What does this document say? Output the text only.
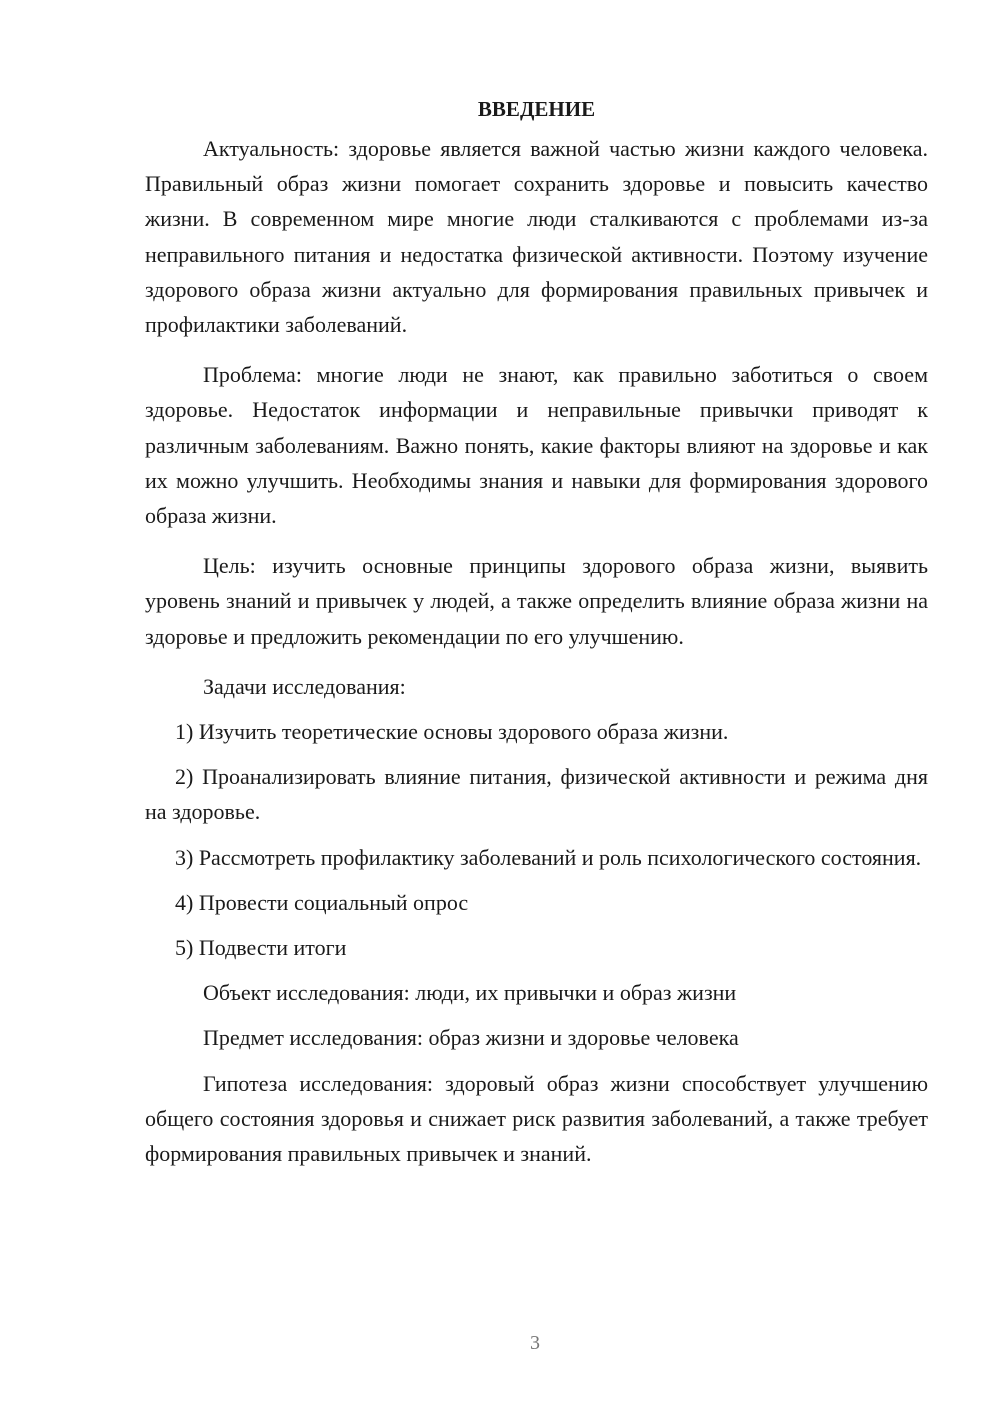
ВВЕДЕНИЕ

Актуальность: здоровье является важной частью жизни каждого человека. Правильный образ жизни помогает сохранить здоровье и повысить качество жизни. В современном мире многие люди сталкиваются с проблемами из-за неправильного питания и недостатка физической активности. Поэтому изучение здорового образа жизни актуально для формирования правильных привычек и профилактики заболеваний.

Проблема: многие люди не знают, как правильно заботиться о своем здоровье. Недостаток информации и неправильные привычки приводят к различным заболеваниям. Важно понять, какие факторы влияют на здоровье и как их можно улучшить. Необходимы знания и навыки для формирования здорового образа жизни.

Цель: изучить основные принципы здорового образа жизни, выявить уровень знаний и привычек у людей, а также определить влияние образа жизни на здоровье и предложить рекомендации по его улучшению.

Задачи исследования:

1) Изучить теоретические основы здорового образа жизни.

2) Проанализировать влияние питания, физической активности и режима дня на здоровье.

3) Рассмотреть профилактику заболеваний и роль психологического состояния.

4) Провести социальный опрос

5) Подвести итоги

Объект исследования: люди, их привычки и образ жизни

Предмет исследования: образ жизни и здоровье человека

Гипотеза исследования: здоровый образ жизни способствует улучшению общего состояния здоровья и снижает риск развития заболеваний, а также требует формирования правильных привычек и знаний.

3
